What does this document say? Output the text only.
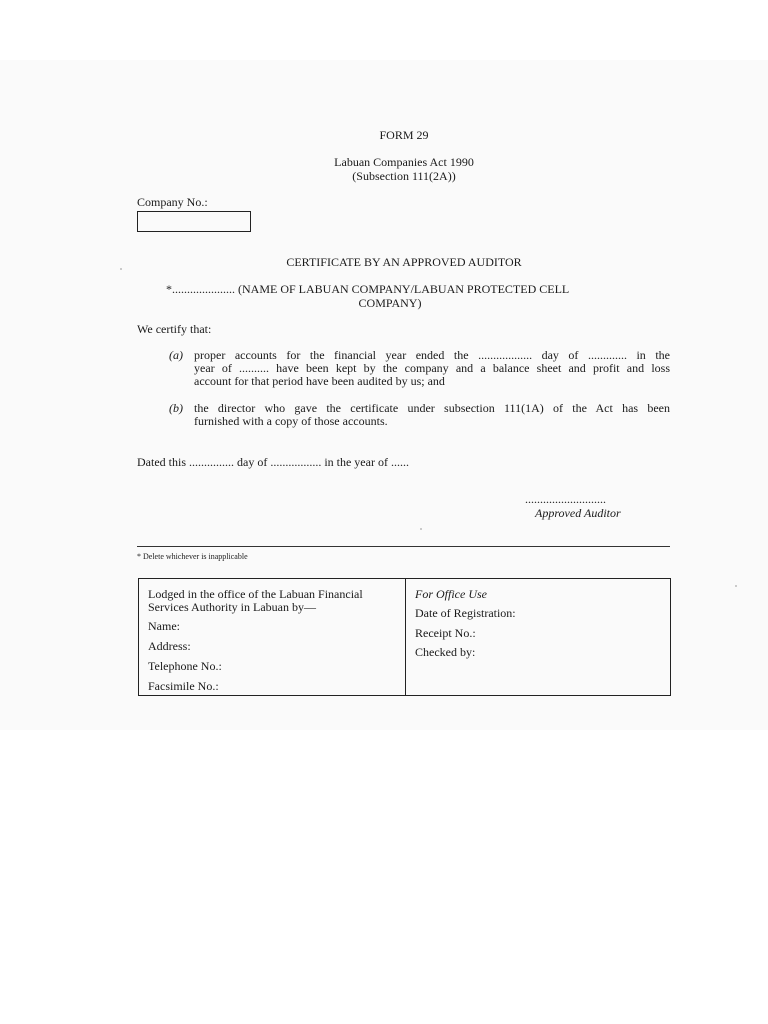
FORM 29
Labuan Companies Act 1990
(Subsection 111(2A))
Company No.:
CERTIFICATE BY AN APPROVED AUDITOR
*..................... (NAME OF LABUAN COMPANY/LABUAN PROTECTED CELL
COMPANY)
We certify that:
(a) proper accounts for the financial year ended the .................. day of ............. in the
year of .......... have been kept by the company and a balance sheet and profit and loss
account for that period have been audited by us; and
(b) the director who gave the certificate under subsection 111(1A) of the Act has been
furnished with a copy of those accounts.
Dated this ............... day of ................. in the year of ......
...........................
Approved Auditor
* Delete whichever is inapplicable
Lodged in the office of the Labuan Financial
Services Authority in Labuan by—
Name:
Address:
Telephone No.:
Facsimile No.:
For Office Use
Date of Registration:
Receipt No.:
Checked by:
